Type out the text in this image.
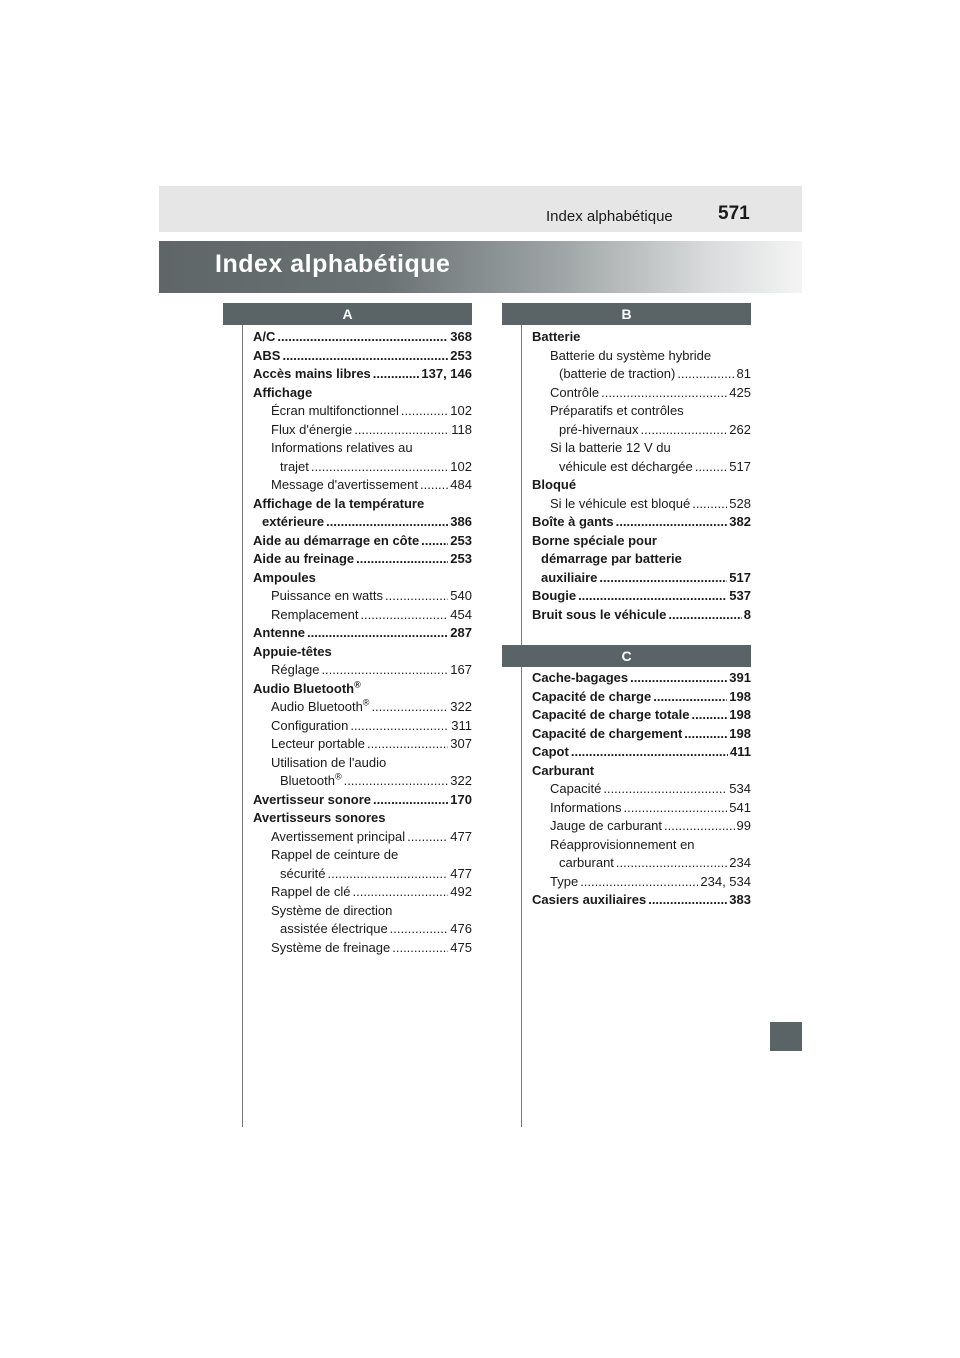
Index alphabétique 571
Index alphabétique
A	B
C
A/C .....	368
ABS .....	253
Accès mains libres .....	137, 146
Affichage
Écran multifonctionnel .....	102
Flux d'énergie .....	118
Informations relatives au
trajet .....	102
Message d'avertissement ..... 484
Affichage de la température
extérieure .....	386
Aide au démarrage en côte ..... 253
Aide au freinage .....	253
Ampoules
Puissance en watts .....	540
Remplacement .....	454
Antenne .....	287
Appuie-têtes
Réglage .....	167
Audio Bluetooth®
Audio Bluetooth® .....	322
Configuration .....	311
Lecteur portable .....	307
Utilisation de l'audio
Bluetooth® .....	322
Avertisseur sonore .....	170
Avertisseurs sonores
Avertissement principal .....	477
Rappel de ceinture de
sécurité .....	477
Rappel de clé .....	492
Système de direction
assistée électrique .....	476
Système de freinage .....	475
Batterie
Batterie du système hybride
(batterie de traction) .....	81
Contrôle .....	425
Préparatifs et contrôles
pré-hivernaux .....	262
Si la batterie 12 V du
véhicule est déchargée .....	517
Bloqué
Si le véhicule est bloqué .....	528
Boîte à gants .....	382
Borne spéciale pour
démarrage par batterie
auxiliaire .....	517
Bougie .....	537
Bruit sous le véhicule .....	8
Cache-bagages .....	391
Capacité de charge .....	198
Capacité de charge totale .....	198
Capacité de chargement .....	198
Capot .....	411
Carburant
Capacité .....	534
Informations .....	541
Jauge de carburant .....	99
Réapprovisionnement en
carburant .....	234
Type .....	234, 534
Casiers auxiliaires .....	383
